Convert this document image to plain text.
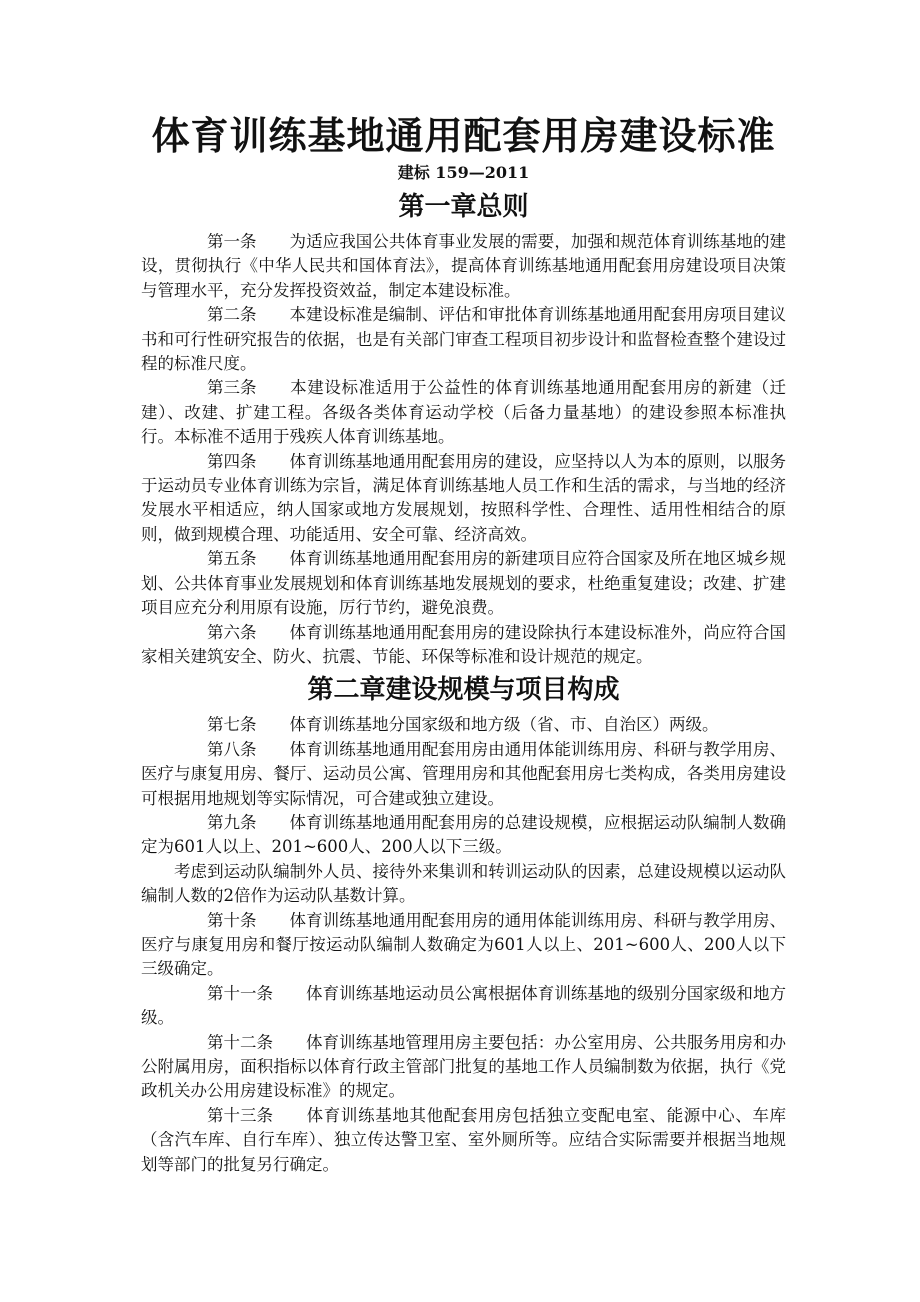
体育训练基地通用配套用房建设标准
建标 159—2011
第一章总则

第一条 为适应我国公共体育事业发展的需要，加强和规范体育训练基地的建设，贯彻执行《中华人民共和国体育法》，提高体育训练基地通用配套用房建设项目决策与管理水平，充分发挥投资效益，制定本建设标准。

第二条 本建设标准是编制、评估和审批体育训练基地通用配套用房项目建议书和可行性研究报告的依据，也是有关部门审查工程项目初步设计和监督检查整个建设过程的标准尺度。

第三条 本建设标准适用于公益性的体育训练基地通用配套用房的新建（迁建）、改建、扩建工程。各级各类体育运动学校（后备力量基地）的建设参照本标准执行。本标准不适用于残疾人体育训练基地。

第四条 体育训练基地通用配套用房的建设，应坚持以人为本的原则，以服务于运动员专业体育训练为宗旨，满足体育训练基地人员工作和生活的需求，与当地的经济发展水平相适应，纳人国家或地方发展规划，按照科学性、合理性、适用性相结合的原则，做到规模合理、功能适用、安全可靠、经济高效。

第五条 体育训练基地通用配套用房的新建项目应符合国家及所在地区城乡规划、公共体育事业发展规划和体育训练基地发展规划的要求，杜绝重复建设；改建、扩建项目应充分利用原有设施，厉行节约，避免浪费。

第六条 体育训练基地通用配套用房的建设除执行本建设标准外，尚应符合国家相关建筑安全、防火、抗震、节能、环保等标准和设计规范的规定。

第二章建设规模与项目构成

第七条 体育训练基地分国家级和地方级（省、市、自治区）两级。

第八条 体育训练基地通用配套用房由通用体能训练用房、科研与教学用房、医疗与康复用房、餐厅、运动员公寓、管理用房和其他配套用房七类构成，各类用房建设可根据用地规划等实际情况，可合建或独立建设。

第九条 体育训练基地通用配套用房的总建设规模，应根据运动队编制人数确定为601人以上、201~600人、200人以下三级。

考虑到运动队编制外人员、接待外来集训和转训运动队的因素，总建设规模以运动队编制人数的2倍作为运动队基数计算。

第十条 体育训练基地通用配套用房的通用体能训练用房、科研与教学用房、医疗与康复用房和餐厅按运动队编制人数确定为601人以上、201~600人、200人以下三级确定。

第十一条 体育训练基地运动员公寓根据体育训练基地的级别分国家级和地方级。

第十二条 体育训练基地管理用房主要包括：办公室用房、公共服务用房和办公附属用房，面积指标以体育行政主管部门批复的基地工作人员编制数为依据，执行《党政机关办公用房建设标准》的规定。

第十三条 体育训练基地其他配套用房包括独立变配电室、能源中心、车库（含汽车库、自行车库）、独立传达警卫室、室外厕所等。应结合实际需要并根据当地规划等部门的批复另行确定。
